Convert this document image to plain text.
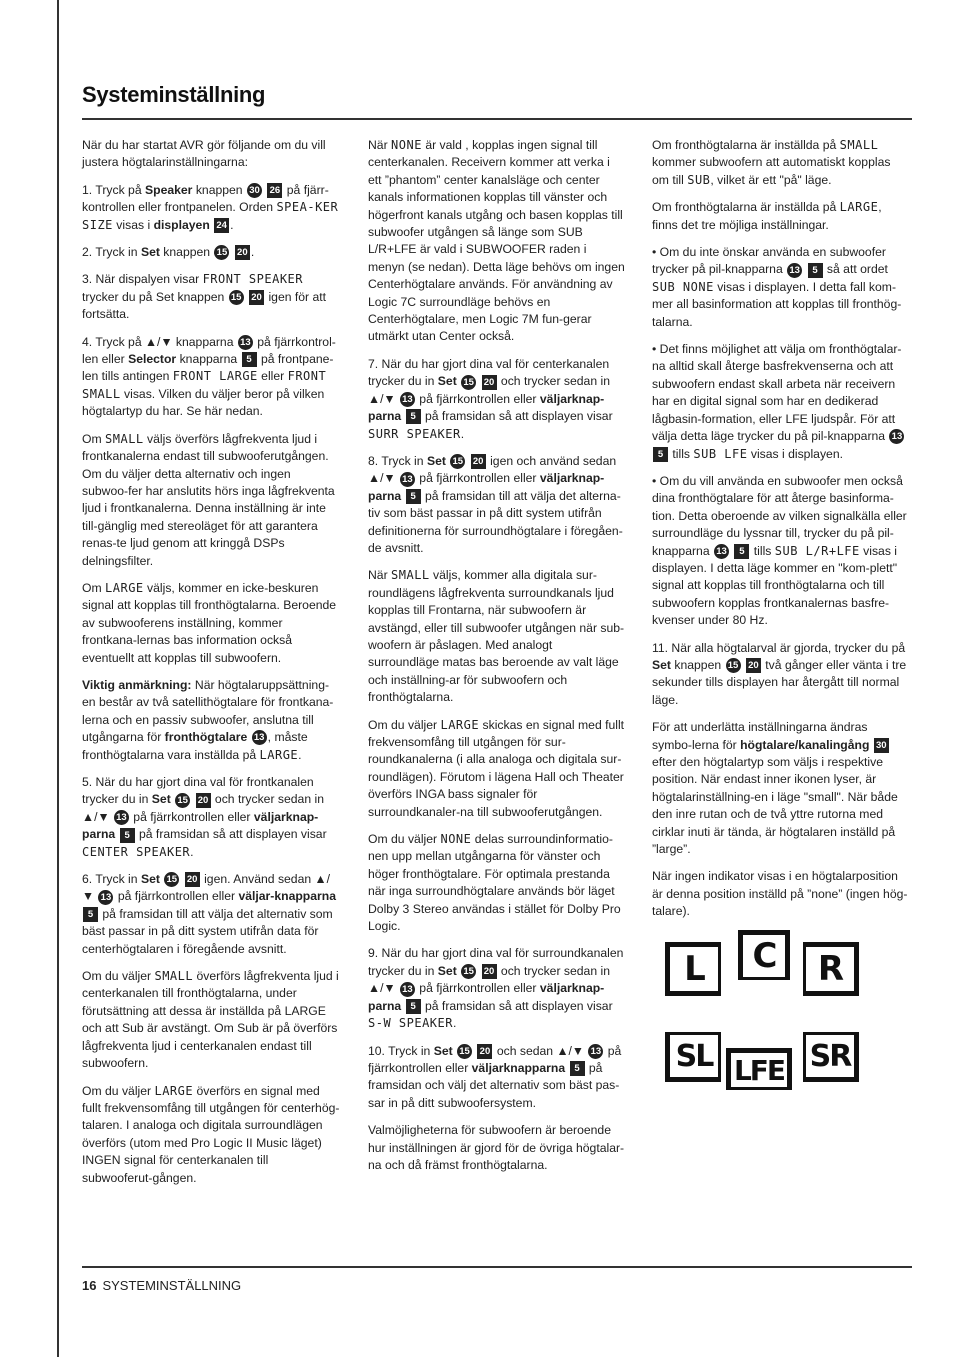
Systeminställning

När du har startat AVR gör följande om du vill justera högtalarinställningarna:

1. Tryck på Speaker knappen 30 26 på fjärr-kontrollen eller frontpanelen. Orden SPEA-KER SIZE visas i displayen 24 .

2. Tryck in Set knappen 15 20 .

3. När dispalyen visar FRONT SPEAKER trycker du på Set knappen 15 20 igen för att fortsätta.

4. Tryck på ▲/▼ knapparna 13 på fjärrkontrol-len eller Selector knapparna 5 på frontpane-len tills antingen FRONT LARGE eller FRONT SMALL visas. Vilken du väljer beror på vilken högtalartyp du har. Se här nedan.

Om SMALL väljs överförs lågfrekventa ljud i frontkanalerna endast till subwooferutgången. Om du väljer detta alternativ och ingen subwoo-fer har anslutits hörs inga lågfrekventa ljud i frontkanalerna. Denna inställning är inte till-gänglig med stereoläget för att garantera renas-te ljud genom att kringgå DSPs delningsfilter.

Om LARGE väljs, kommer en icke-beskuren signal att kopplas till fronthögtalarna. Beroende av subwooferens inställning, kommer frontkana-lernas bas information också eventuellt att kopplas till subwoofern.

Viktig anmärkning: När högtalaruppsättning-en består av två satellithögtalare för frontkana-lerna och en passiv subwoofer, anslutna till utgångarna för fronthögtalare 13 , måste fronthögtalarna vara inställda på LARGE.

5. När du har gjort dina val för frontkanalen trycker du in Set 15 20 och trycker sedan in ▲/▼ 13 på fjärrkontrollen eller väljarknap-parna 5 på framsidan så att displayen visar CENTER SPEAKER.

6. Tryck in Set 15 20 igen. Använd sedan ▲/▼ 13 på fjärrkontrollen eller väljar-knapparna 5 på framsidan till att välja det alternativ som bäst passar in på ditt system utifrån data för centerhögtalaren i föregående avsnitt.

Om du väljer SMALL överförs lågfrekventa ljud i centerkanalen till fronthögtalarna, under förutsättning att dessa är inställda på LARGE och att Sub är avstängt. Om Sub är på överförs lågfrekventa ljud i centerkanalen endast till subwoofern.

Om du väljer LARGE överförs en signal med fullt frekvensomfång till utgången för centerhög-talaren. I analoga och digitala surroundlägen överförs (utom med Pro Logic II Music läget) INGEN signal för centerkanalen till subwooferut-gången.

När NONE är vald , kopplas ingen signal till centerkanalen. Receivern kommer att verka i ett ”phantom” center kanalsläge och center kanals informationen kopplas till vänster och högerfront kanals utgång och basen kopplas till subwoofer utgången så länge som SUB L/R+LFE är vald i SUBWOOFER raden i menyn (se nedan). Detta läge behövs om ingen Centerhögtalare används. För användning av Logic 7C surroundläge behövs en Centerhögtalare, men Logic 7M fun-gerar utmärkt utan Center också.

7. När du har gjort dina val för centerkanalen trycker du in Set 15 20 och trycker sedan in ▲/▼ 13 på fjärrkontrollen eller väljarknap-parna 5 på framsidan så att displayen visar SURR SPEAKER.

8. Tryck in Set 15 20 igen och använd sedan ▲/▼ 13 på fjärrkontrollen eller väljarknap-parna 5 på framsidan till att välja det alterna-tiv som bäst passar in på ditt system utifrån definitionerna för surroundhögtalare i föregåen-de avsnitt.

När SMALL väljs, kommer alla digitala sur-roundlägens lågfrekventa surroundkanals ljud kopplas till Frontarna, när subwoofern är avstängd, eller till subwoofer utgången när sub-woofern är påslagen. Med analogt surroundläge matas bas beroende av valt läge och inställning-ar för subwoofern och fronthögtalarna.

Om du väljer LARGE skickas en signal med fullt frekvensomfång till utgången för sur-roundkanalerna (i alla analoga och digitala sur-roundlägen). Förutom i lägena Hall och Theater överförs INGA bass signaler för surroundkanaler-na till subwooferutgången.

Om du väljer NONE delas surroundinformatio-nen upp mellan utgångarna för vänster och höger fronthögtalare. För optimala prestanda när inga surroundhögtalare används bör läget Dolby 3 Stereo användas i stället för Dolby Pro Logic.

9. När du har gjort dina val för surroundkanalen trycker du in Set 15 20 och trycker sedan in ▲/▼ 13 på fjärrkontrollen eller väljarknap-parna 5 på framsidan så att displayen visar S-W SPEAKER.

10. Tryck in Set 15 20 och sedan ▲/▼ 13 på fjärrkontrollen eller väljarknapparna 5 på framsidan och välj det alternativ som bäst pas-sar in på ditt subwoofersystem.

Valmöjligheterna för subwoofern är beroende hur inställningen är gjord för de övriga högtalar-na och då främst fronthögtalarna.

Om fronthögtalarna är inställda på SMALL kommer subwoofern att automatiskt kopplas om till SUB, vilket är ett "på" läge.

Om fronthögtalarna är inställda på LARGE, finns det tre möjliga inställningar.

• Om du inte önskar använda en subwoofer trycker på pil-knapparna 13 5 så att ordet SUB NONE visas i displayen. I detta fall kom-mer all basinformation att kopplas till fronthög-talarna.

• Det finns möjlighet att välja om fronthögtalar-na alltid skall återge basfrekvenserna och att subwoofern endast skall arbeta när receivern har en digital signal som har en dedikerad lågbasin-formation, eller LFE ljudspår. För att välja detta läge trycker du på pil-knapparna 13 5 tills SUB LFE visas i displayen.

• Om du vill använda en subwoofer men också dina fronthögtalare för att återge basinforma-tion. Detta oberoende av vilken signalkälla eller surroundläge du lyssnar till, trycker du på pil-knapparna 13 5 tills SUB L/R+LFE visas i displayen. I detta läge kommer en "kom-plett" signal att kopplas till fronthögtalarna och till subwoofern kopplas frontkanalernas basfre-kvenser under 80 Hz.

11. När alla högtalarval är gjorda, trycker du på Set knappen 15 20 två gånger eller vänta i tre sekunder tills displayen har återgått till normal läge.

För att underlätta inställningarna ändras symbo-lerna för högtalare/kanalingång 30 efter den högtalartyp som väljs i respektive position. När endast inner ikonen lyser, är högtalarinställning-en i läge "small". När både den inre rutan och de två yttre rutorna med cirklar inuti är tända, är högtalaren inställd på ”large”.

När ingen indikator visas i en högtalarposition är denna position inställd på ”none” (ingen hög-talare).

L	C	R
SL LFE SR
16 SYSTEMINSTÄLLNING
